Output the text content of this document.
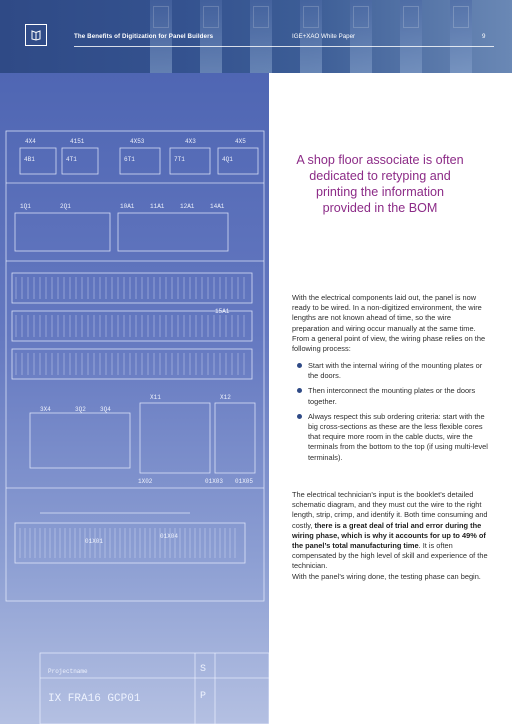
The Benefits of Digitization for Panel Builders	IGE+XAO White Paper	9
4X4	4151	4X53	4X3	4X5
4B1	4T1	6T1	7T1	4Q1
1Q1	2Q1	10A1	11A1	12A1	14A1
15A1
1X02
01X01
01X04
01X03 01X05
3X4	3Q2 3Q4
X11	X12
Projectname
IX FRA16 GCP01
S
P
A shop floor associate is often dedicated to retyping and printing the information provided in the BOM

With the electrical components laid out, the panel is now ready to be wired. In a non-digitized environment, the wire lengths are not known ahead of time, so the wire preparation and wiring occur manually at the same time. From a general point of view, the wiring phase relies on the following process:

Start with the internal wiring of the mounting plates or the doors.
Then interconnect the mounting plates or the doors together.
Always respect this sub ordering criteria: start with the big cross-sections as these are the less flexible cores that require more room in the cable ducts, wire the terminals from the bottom to the top (if using multi-level terminals).
The electrical technician’s input is the booklet’s detailed schematic diagram, and they must cut the wire to the right length, strip, crimp, and identify it. Both time consuming and costly, there is a great deal of trial and error during the wiring phase, which is why it accounts for up to 49% of the panel’s total manufacturing time. It is often compensated by the high level of skill and experience of the technician.
With the panel’s wiring done, the testing phase can begin.
